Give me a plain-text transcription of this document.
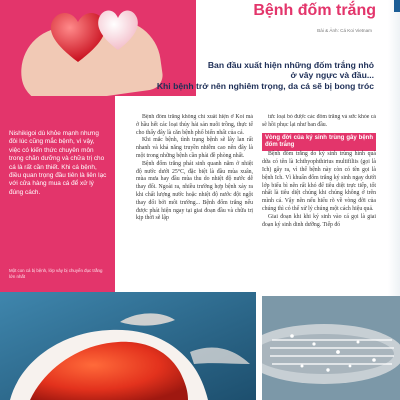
Nishikigoi dù khỏe mạnh nhưng đôi lúc cũng mắc bệnh, vì vậy, việc có kiến thức chuyên môn trong chăn dưỡng và chữa trị cho cá là rất cần thiết. Khi cá bệnh, điều quan trọng đầu tiên là liên lạc với cửa hàng mua cá để xử lý đúng cách.

Một con cá bị bệnh, lớp vảy bị chuyển đục trắng lớn nhất

Bệnh đốm trắng
Bài & Ảnh: Cá Koi Vietnam
Ban đầu xuất hiện những đốm trắng nhỏ
ở vây ngực và đầu...
Khi bệnh trở nên nghiêm trọng, da cá sẽ bị bong tróc

Bệnh đốm trắng không chỉ xuất hiện ở Koi mà ở hầu hết các loại thủy hải sản nuôi trồng, thực tế cho thấy đây là căn bệnh phổ biến nhất của cá.

Khi mắc bệnh, tình trạng bệnh sẽ lây lan rất nhanh và khả năng truyền nhiễm cao nên đây là một trong những bệnh cần phải đề phòng nhất.

Bệnh đốm trắng phát sinh quanh năm ở nhiệt độ nước dưới 25°C, đặc biệt là đầu mùa xuân, mùa mưa hay đầu mùa thu do nhiệt độ nước dễ thay đổi. Ngoài ra, nhiều trường hợp bệnh xảy ra khi chất lượng nước hoặc nhiệt độ nước đột ngột thay đổi bởi môi trường... Bệnh đốm trắng nếu được phát hiện ngay tại giai đoạn đầu và chữa trị kịp thời sẽ lập

tức loại bỏ được các đốm trắng và sức khỏe cá sẽ hồi phục lại như ban đầu.

Vòng đời của ký sinh trùng gây bệnh đốm trắng

Bệnh đốm trắng do ký sinh trùng hình quả dứa có tên là Ichthyophthirius multifiliis (gọi là Ich) gây ra, vì thế bệnh này còn có tên gọi là bệnh Ich. Vì khuẩn đốm trắng ký sinh ngay dưới lớp biểu bì nên rất khó để tiêu diệt trực tiếp, tốt nhất là tiêu diệt chúng khi chúng không ở trên mình cá. Vậy nên nếu hiểu rõ về vòng đời của chúng thì có thể xử lý chúng một cách hiệu quả.

Giai đoạn khi khi ký sinh vào cá gọi là giai đoạn ký sinh dinh dưỡng. Tiếp đó
